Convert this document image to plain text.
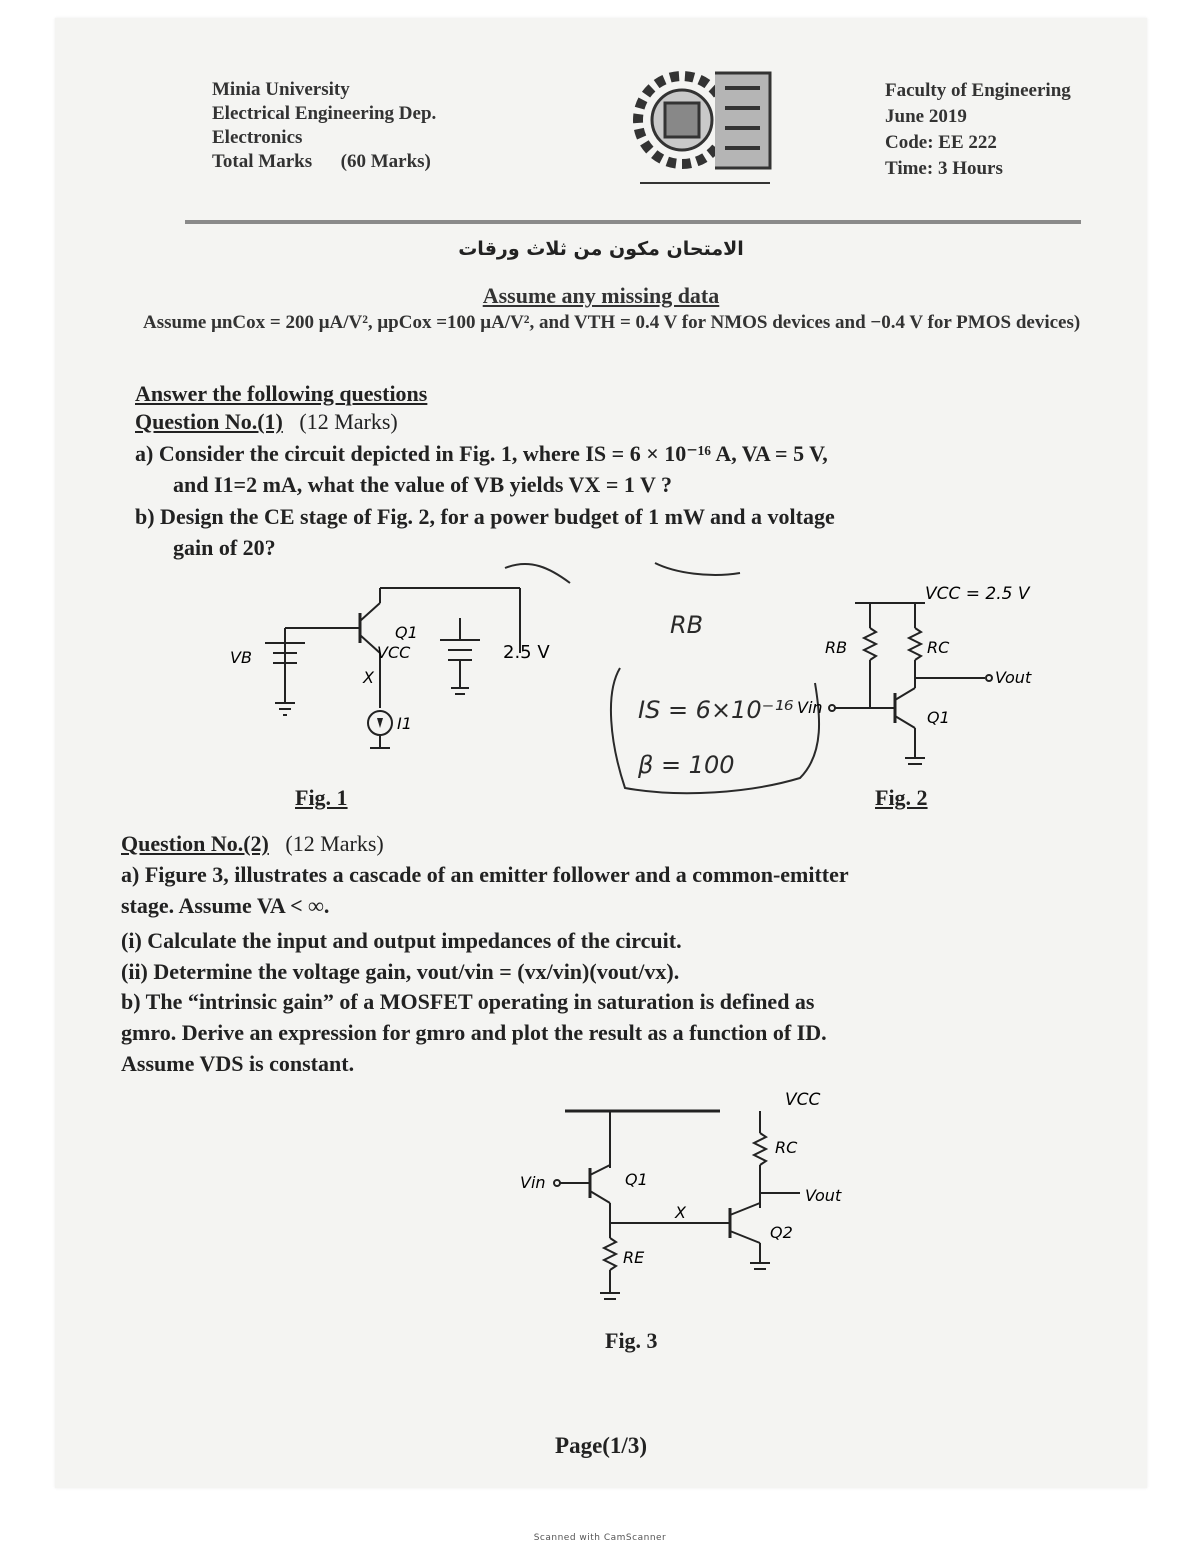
Minia University
Electrical Engineering Dep.
Electronics
Total Marks (60 Marks)
Faculty of Engineering
June 2019
Code: EE 222
Time: 3 Hours
الامتحان مكون من ثلاث ورقات
Assume any missing data
Assume μnCox = 200 μA/V², μpCox =100 μA/V², and VTH = 0.4 V for NMOS devices and −0.4 V for PMOS devices)
Answer the following questions
Question No.(1) (12 Marks)
a) Consider the circuit depicted in Fig. 1, where IS = 6 × 10⁻¹⁶ A, VA = 5 V,
and I1=2 mA, what the value of VB yields VX = 1 V ?
b) Design the CE stage of Fig. 2, for a power budget of 1 mW and a voltage
gain of 20?
VB
Q1
X
I1
VCC	2.5 V
Fig. 1
RB
IS = 6×10⁻¹⁶
β = 100
VCC = 2.5 V
RB	RC
Vout
Vin
Q1
Fig. 2
Question No.(2) (12 Marks)
a) Figure 3, illustrates a cascade of an emitter follower and a common-emitter
stage. Assume VA < ∞.
(i) Calculate the input and output impedances of the circuit.
(ii) Determine the voltage gain, vout/vin = (vx/vin)(vout/vx).
b) The “intrinsic gain” of a MOSFET operating in saturation is defined as
gmro. Derive an expression for gmro and plot the result as a function of ID.
Assume VDS is constant.
VCC
RC
Vin	Q1
X
Vout
Q2
RE
Fig. 3
Page(1/3)
Scanned with CamScanner
